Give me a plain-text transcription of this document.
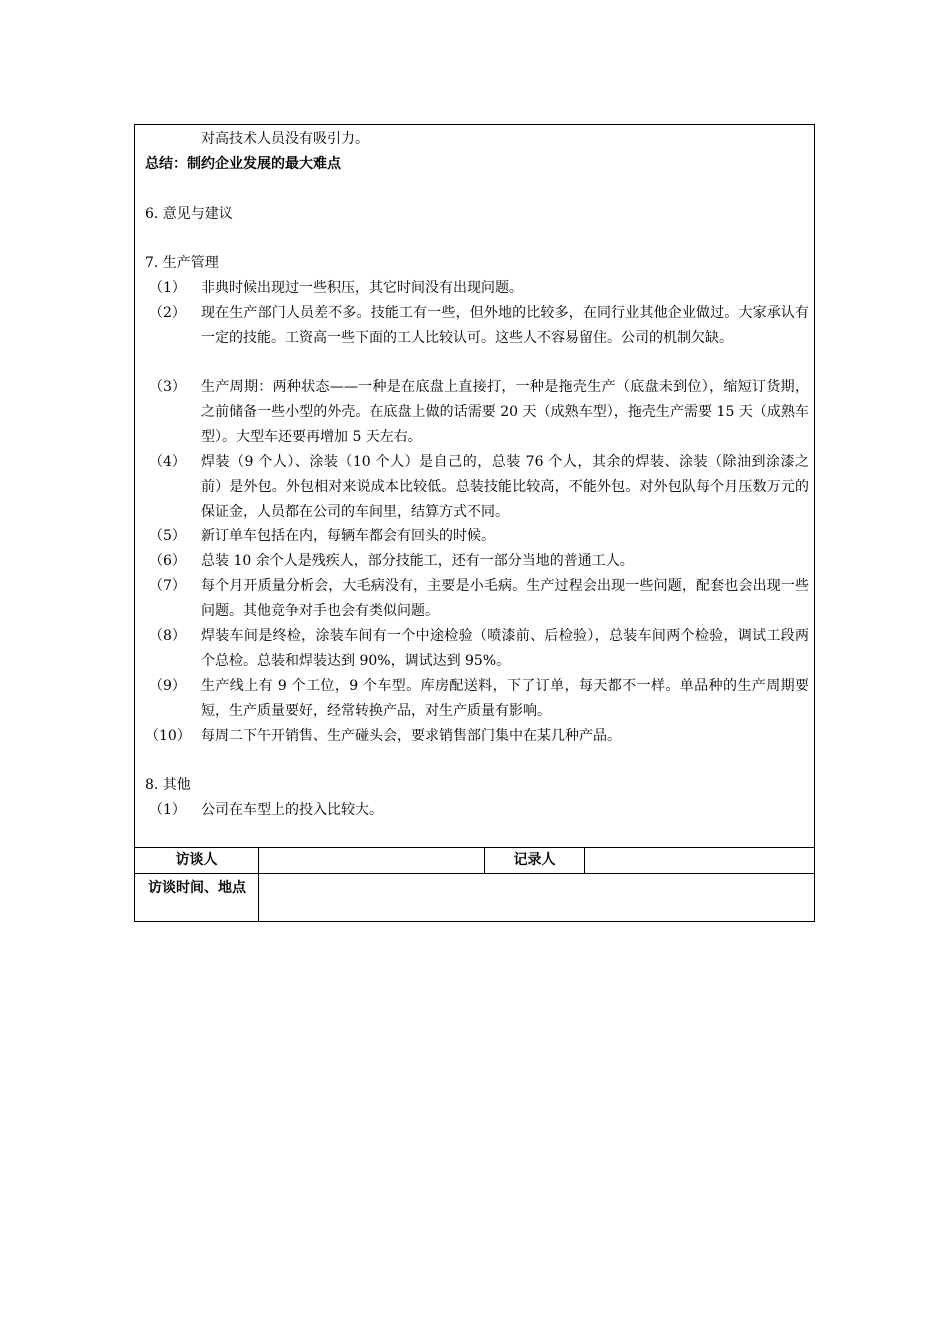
对高技术人员没有吸引力。
总结：制约企业发展的最大难点
6. 意见与建议
7. 生产管理
（1） 非典时候出现过一些积压，其它时间没有出现问题。
（2） 现在生产部门人员差不多。技能工有一些，但外地的比较多，在同行业其他企业做过。大家承认有一定的技能。工资高一些下面的工人比较认可。这些人不容易留住。公司的机制欠缺。
（3） 生产周期：两种状态——一种是在底盘上直接打，一种是拖壳生产（底盘未到位），缩短订货期，之前储备一些小型的外壳。在底盘上做的话需要 20 天（成熟车型），拖壳生产需要 15 天（成熟车型）。大型车还要再增加 5 天左右。
（4） 焊装（9 个人）、涂装（10 个人）是自己的，总装 76 个人，其余的焊装、涂装（除油到涂漆之前）是外包。外包相对来说成本比较低。总装技能比较高，不能外包。对外包队每个月压数万元的保证金，人员都在公司的车间里，结算方式不同。
（5） 新订单车包括在内，每辆车都会有回头的时候。
（6） 总装 10 余个人是残疾人，部分技能工，还有一部分当地的普通工人。
（7） 每个月开质量分析会，大毛病没有，主要是小毛病。生产过程会出现一些问题，配套也会出现一些问题。其他竞争对手也会有类似问题。
（8） 焊装车间是终检，涂装车间有一个中途检验（喷漆前、后检验），总装车间两个检验，调试工段两个总检。总装和焊装达到 90%，调试达到 95%。
（9） 生产线上有 9 个工位，9 个车型。库房配送料，下了订单，每天都不一样。单品种的生产周期要短，生产质量要好，经常转换产品，对生产质量有影响。
（10） 每周二下午开销售、生产碰头会，要求销售部门集中在某几种产品。
8. 其他
（1） 公司在车型上的投入比较大。
访谈人	记录人
访谈时间、地点
